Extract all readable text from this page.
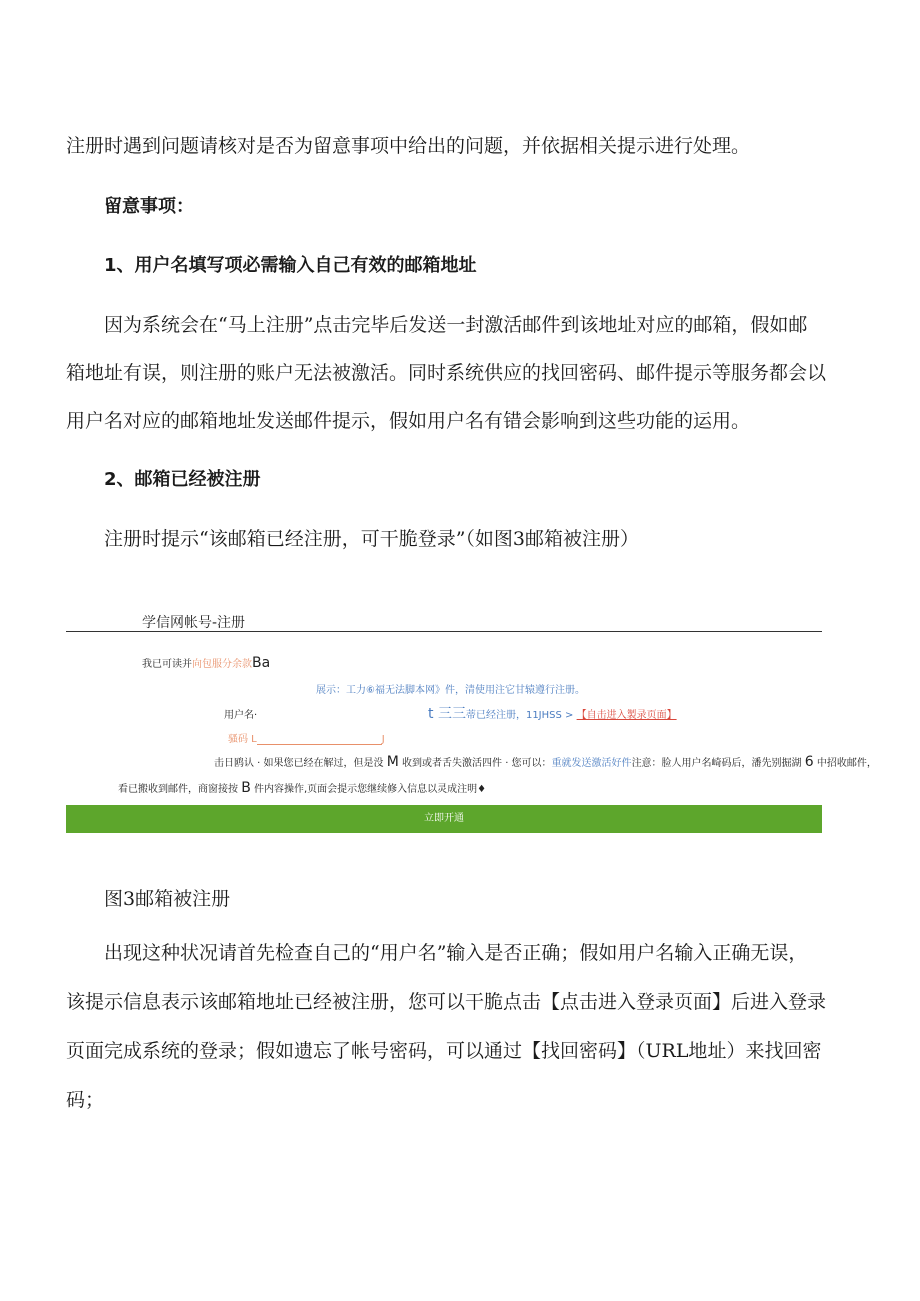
注册时遇到问题请核对是否为留意事项中给出的问题，并依据相关提示进行处理。
留意事项：
1、用户名填写项必需输入自己有效的邮箱地址
因为系统会在“马上注册”点击完毕后发送一封激活邮件到该地址对应的邮箱，假如邮
箱地址有误，则注册的账户无法被激活。同时系统供应的找回密码、邮件提示等服务都会以
用户名对应的邮箱地址发送邮件提示，假如用户名有错会影响到这些功能的运用。
2、邮箱已经被注册
注册时提示“该邮箱已经注册，可干脆登录”（如图3邮箱被注册）
学信网帐号-注册
我已可读并向包服分余款Ba
展示：工力⑥福无法脚本网》件，清使用注它甘辕遵行注册。
用户名·	t 三三蒂已经注册，11JHSS > 【自击进入製录页面】
骚码 L	J
击日鸥认 · 如果您已经在解过，但是没 M 收到或者舌失激活四件 · 您可以：重就发送激活好件注意：脸人用户名崎码后，潘先别掘湖 6 中招收邮件，
看已搬收到邮件，商窗接按 B 件内容操作,页面会提示您继续修入信息以灵成注明♦
立即开通
图3邮箱被注册
出现这种状况请首先检查自己的“用户名”输入是否正确；假如用户名输入正确无误，
该提示信息表示该邮箱地址已经被注册，您可以干脆点击【点击进入登录页面】后进入登录
页面完成系统的登录；假如遗忘了帐号密码，可以通过【找回密码】（URL地址）来找回密
码；
